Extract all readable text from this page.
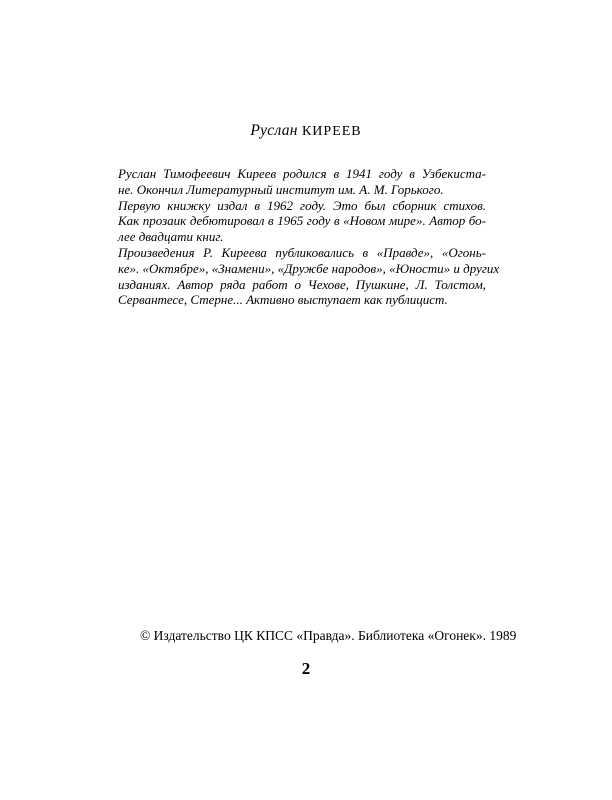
Руслан КИРЕЕВ

Руслан Тимофеевич Киреев родился в 1941 году в Узбекиста-
не. Окончил Литературный институт им. А. М. Горького.

Первую книжку издал в 1962 году. Это был сборник стихов.
Как прозаик дебютировал в 1965 году в «Новом мире». Автор бо-
лее двадцати книг.

Произведения Р. Киреева публиковались в «Правде», «Огонь-
ке». «Октябре», «Знамени», «Дружбе народов», «Юности» и других
изданиях. Автор ряда работ о Чехове, Пушкине, Л. Толстом,
Сервантесе, Стерне... Активно выступает как публицист.

© Издательство ЦК КПСС «Правда». Библиотека «Огонек». 1989
2
